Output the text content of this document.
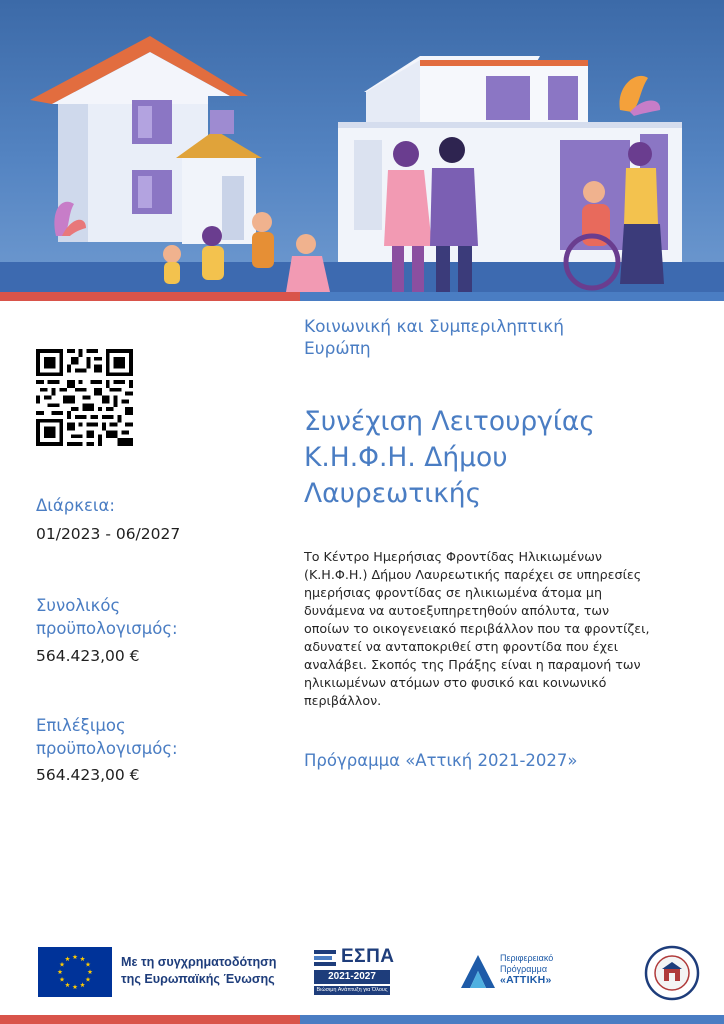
Διάρκεια:
01/2023 - 06/2027
Συνολικός
προϋπολογισμός:
564.423,00 €
Επιλέξιμος
προϋπολογισμός:
564.423,00 €
Κοινωνική και Συμπεριληπτική
Ευρώπη
Συνέχιση Λειτουργίας
Κ.Η.Φ.Η. Δήμου
Λαυρεωτικής
Το Κέντρο Ημερήσιας Φροντίδας Ηλικιωμένων
(Κ.Η.Φ.Η.) Δήμου Λαυρεωτικής παρέχει σε υπηρεσίες
ημερήσιας φροντίδας σε ηλικιωμένα άτομα μη
δυνάμενα να αυτοεξυπηρετηθούν απόλυτα, των
οποίων το οικογενειακό περιβάλλον που τα φροντίζει,
αδυνατεί να ανταποκριθεί στη φροντίδα που έχει
αναλάβει. Σκοπός της Πράξης είναι η παραμονή των
ηλικιωμένων ατόμων στο φυσικό και κοινωνικό
περιβάλλον.
Πρόγραμμα «Αττική 2021-2027»
Με τη συγχρηματοδότηση
της Ευρωπαϊκής Ένωσης
ΕΣΠΑ
2021-2027
Βιώσιμη Ανάπτυξη για Όλους
Περιφερειακό
Πρόγραμμα
«ΑΤΤΙΚΗ»
